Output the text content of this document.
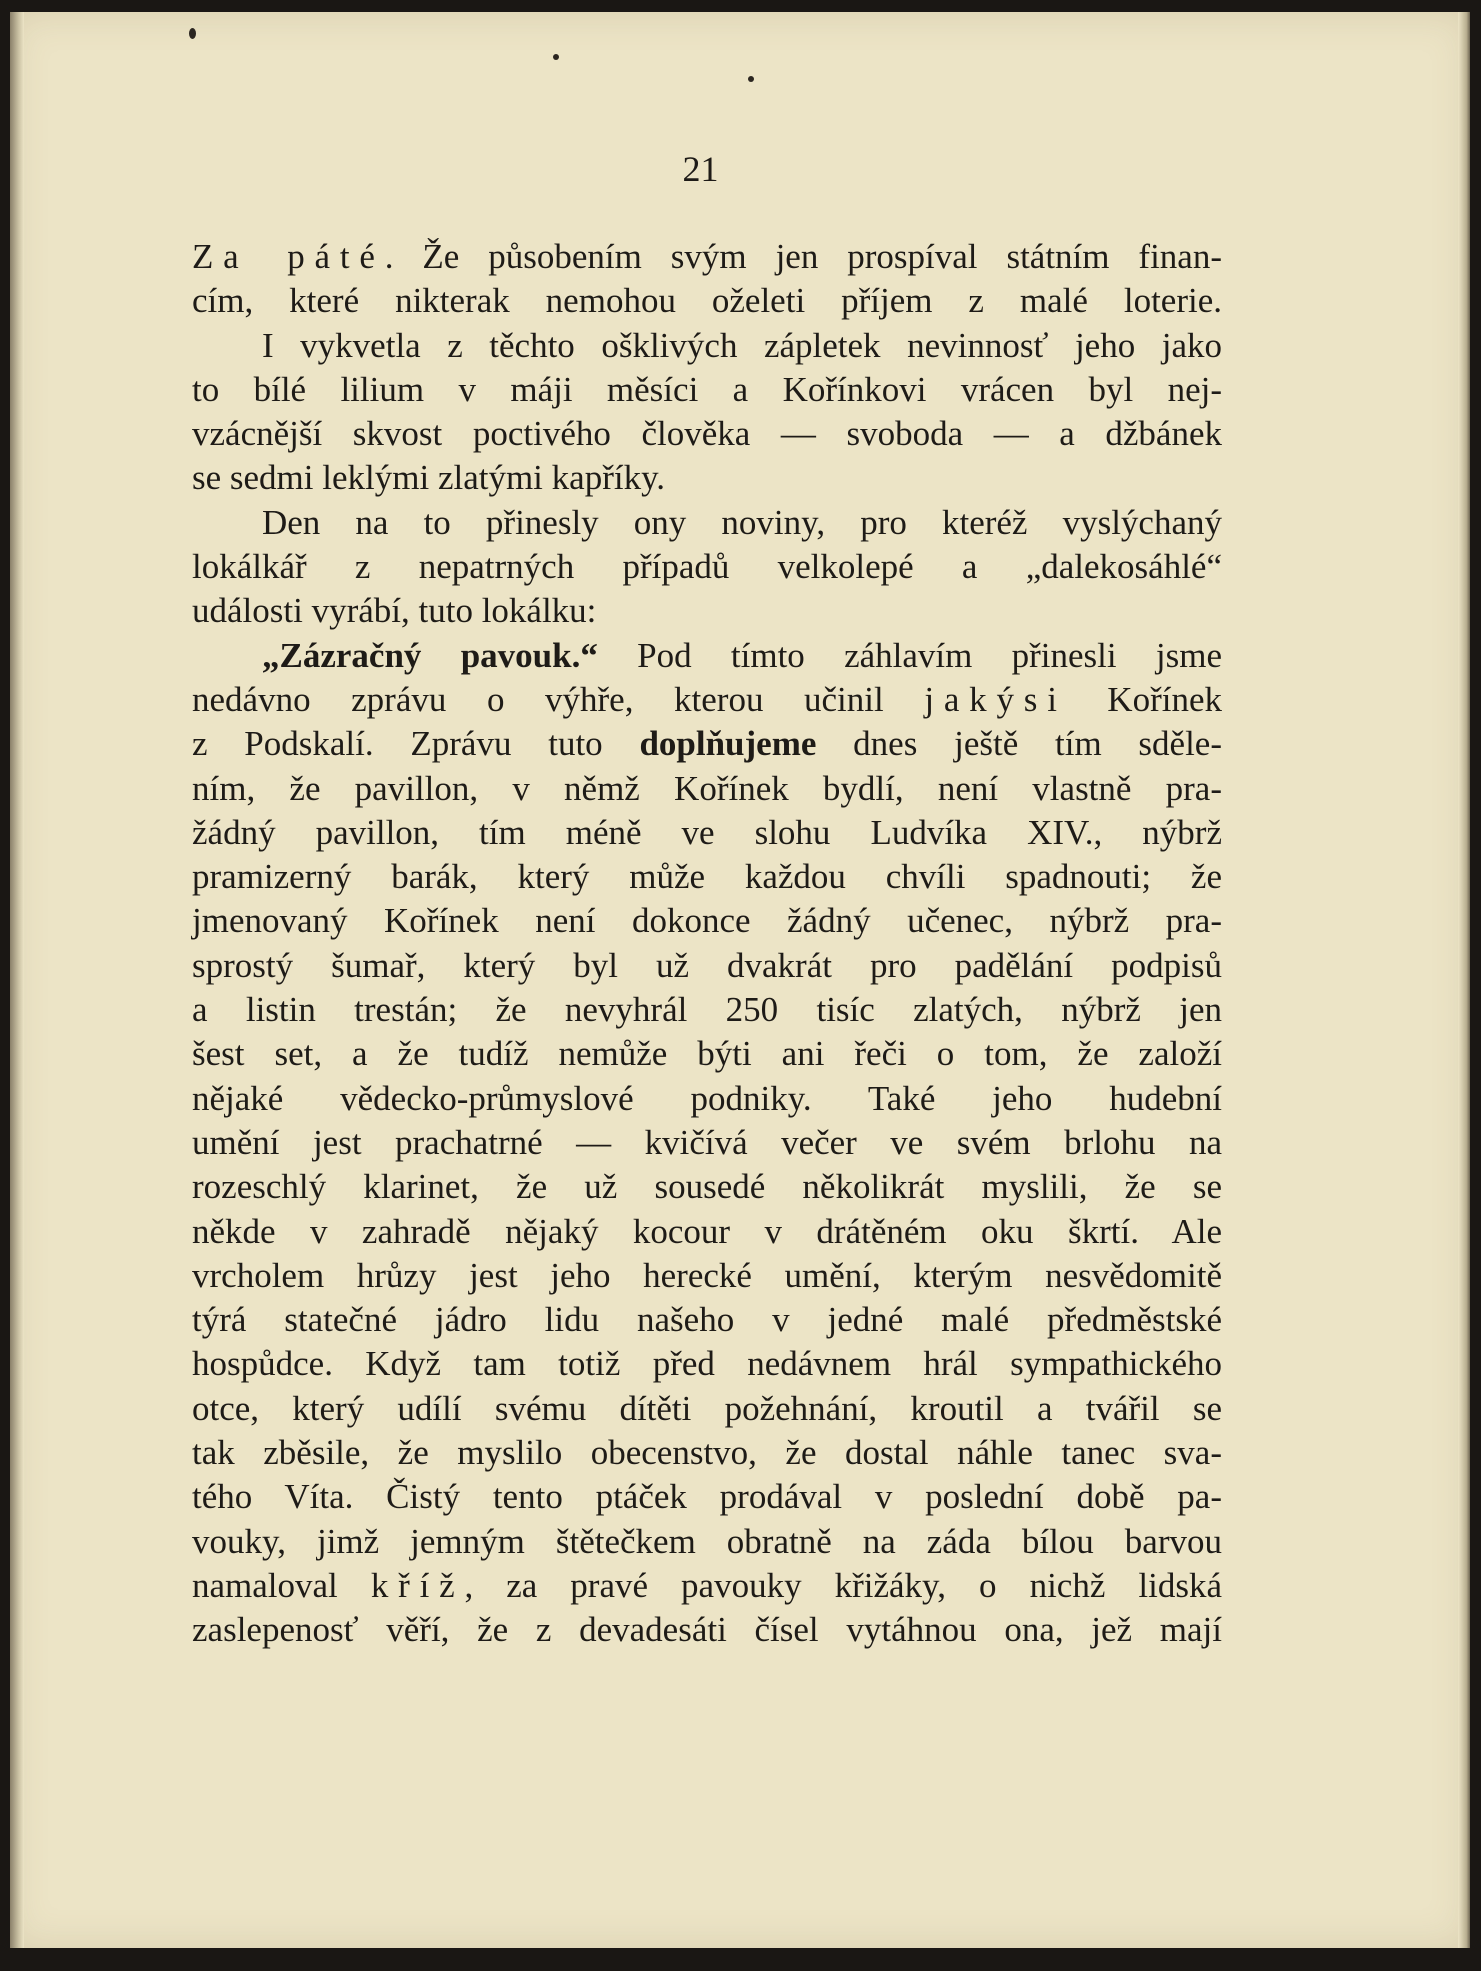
21
Za páté. Že působením svým jen prospíval státním finan-
cím, které nikterak nemohou oželeti příjem z malé loterie.
I vykvetla z těchto ošklivých zápletek nevinnosť jeho jako
to bílé lilium v máji měsíci a Kořínkovi vrácen byl nej-
vzácnější skvost poctivého člověka — svoboda — a džbánek
se sedmi leklými zlatými kapříky.
Den na to přinesly ony noviny, pro kteréž vyslýchaný
lokálkář z nepatrných případů velkolepé a „dalekosáhlé“
události vyrábí, tuto lokálku:
„Zázračný pavouk.“ Pod tímto záhlavím přinesli jsme
nedávno zprávu o výhře, kterou učinil jakýsi Kořínek
z Podskalí. Zprávu tuto doplňujeme dnes ještě tím sděle-
ním, že pavillon, v němž Kořínek bydlí, není vlastně pra-
žádný pavillon, tím méně ve slohu Ludvíka XIV., nýbrž
pramizerný barák, který může každou chvíli spadnouti; že
jmenovaný Kořínek není dokonce žádný učenec, nýbrž pra-
sprostý šumař, který byl už dvakrát pro padělání podpisů
a listin trestán; že nevyhrál 250 tisíc zlatých, nýbrž jen
šest set, a že tudíž nemůže býti ani řeči o tom, že založí
nějaké vědecko-průmyslové podniky. Také jeho hudební
umění jest prachatrné — kvičívá večer ve svém brlohu na
rozeschlý klarinet, že už sousedé několikrát myslili, že se
někde v zahradě nějaký kocour v drátěném oku škrtí. Ale
vrcholem hrůzy jest jeho herecké umění, kterým nesvědomitě
týrá statečné jádro lidu našeho v jedné malé předměstské
hospůdce. Když tam totiž před nedávnem hrál sympathického
otce, který udílí svému dítěti požehnání, kroutil a tvářil se
tak zběsile, že myslilo obecenstvo, že dostal náhle tanec sva-
tého Víta. Čistý tento ptáček prodával v poslední době pa-
vouky, jimž jemným štětečkem obratně na záda bílou barvou
namaloval kříž, za pravé pavouky křižáky, o nichž lidská
zaslepenosť věří, že z devadesáti čísel vytáhnou ona, jež mají
